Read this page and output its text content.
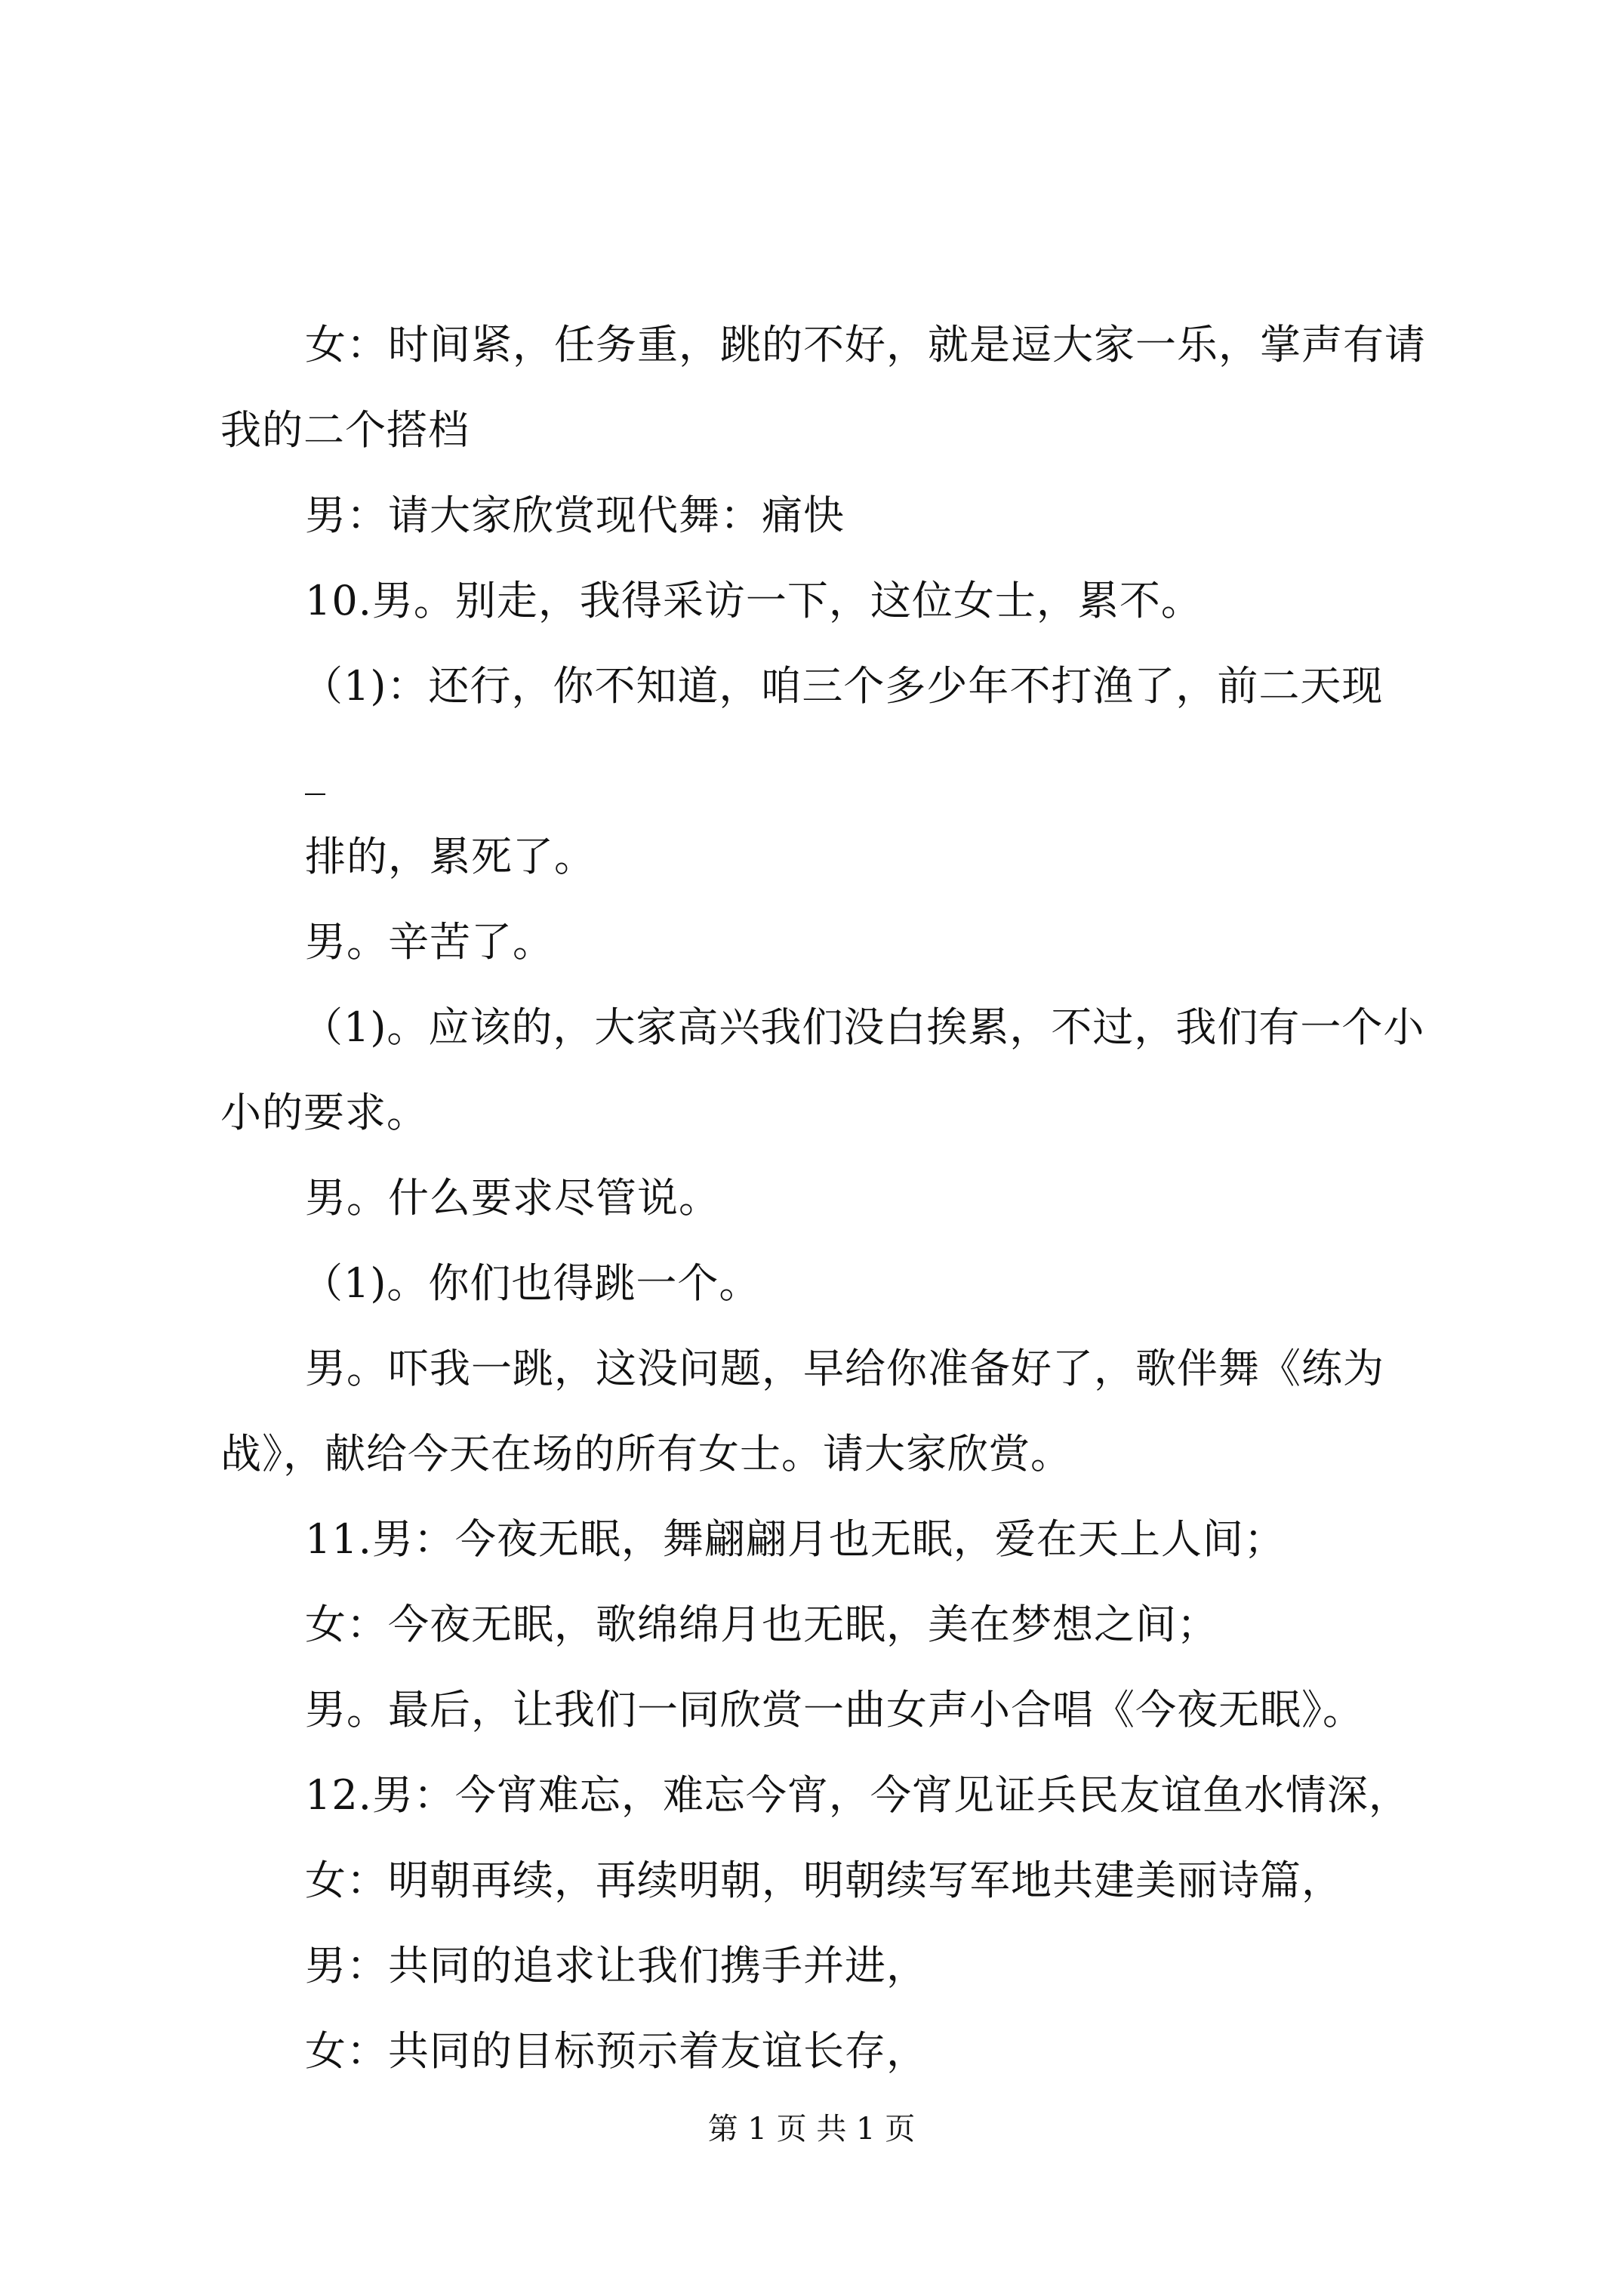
女：时间紧，任务重，跳的不好，就是逗大家一乐，掌声有请我的二个搭档

男：请大家欣赏现代舞：痛快

10.男。别走，我得采访一下，这位女士，累不。

（1)：还行，你不知道，咱三个多少年不打渔了，前二天现

_

排的，累死了。

男。辛苦了。

（1)。应该的，大家高兴我们没白挨累，不过，我们有一个小小的要求。

男。什么要求尽管说。

（1)。你们也得跳一个。

男。吓我一跳，这没问题，早给你准备好了，歌伴舞《练为战》，献给今天在场的所有女士。请大家欣赏。

11.男：今夜无眠，舞翩翩月也无眠，爱在天上人间；

女：今夜无眠，歌绵绵月也无眠，美在梦想之间；

男。最后，让我们一同欣赏一曲女声小合唱《今夜无眠》。

12.男：今宵难忘，难忘今宵，今宵见证兵民友谊鱼水情深，

女：明朝再续，再续明朝，明朝续写军地共建美丽诗篇，

男：共同的追求让我们携手并进，

女：共同的目标预示着友谊长存，

第 1 页 共 1 页
